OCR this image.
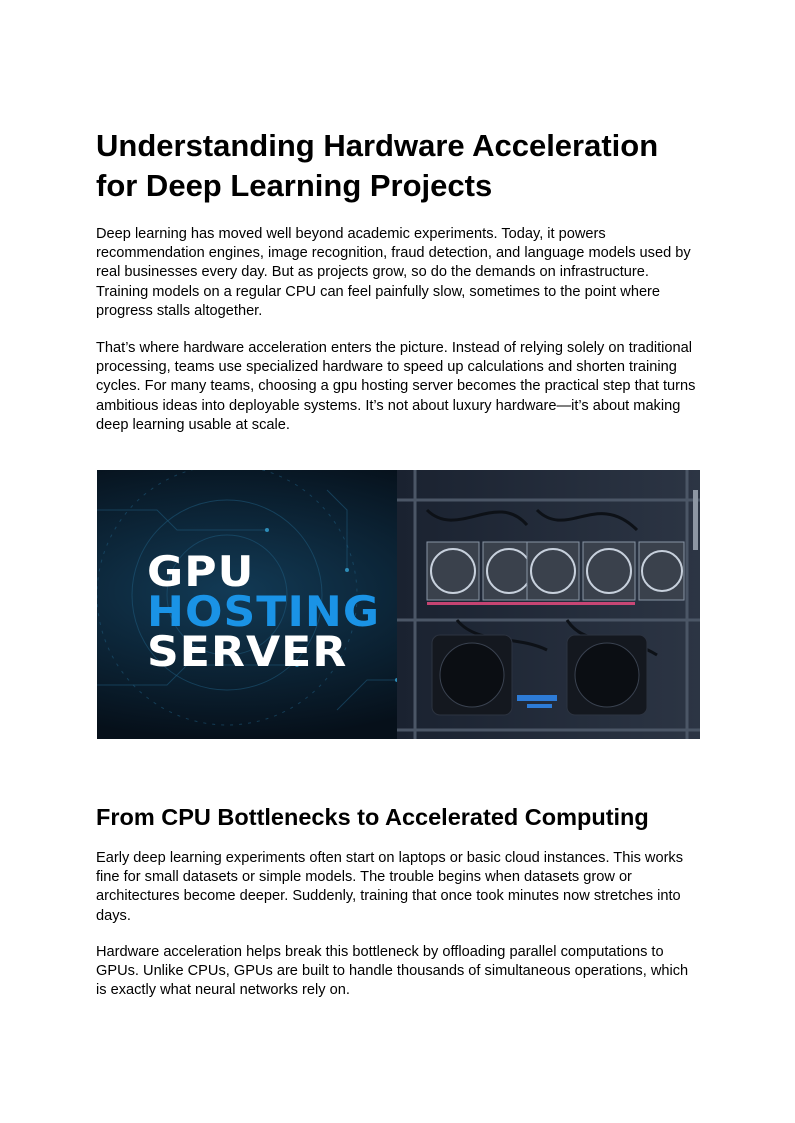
Understanding Hardware Acceleration
for Deep Learning Projects

Deep learning has moved well beyond academic experiments. Today, it powers recommendation engines, image recognition, fraud detection, and language models used by real businesses every day. But as projects grow, so do the demands on infrastructure. Training models on a regular CPU can feel painfully slow, sometimes to the point where progress stalls altogether.

That’s where hardware acceleration enters the picture. Instead of relying solely on traditional processing, teams use specialized hardware to speed up calculations and shorten training cycles. For many teams, choosing a gpu hosting server becomes the practical step that turns ambitious ideas into deployable systems. It’s not about luxury hardware—it’s about making deep learning usable at scale.

GPU
HOSTING
SERVER
From CPU Bottlenecks to Accelerated Computing

Early deep learning experiments often start on laptops or basic cloud instances. This works fine for small datasets or simple models. The trouble begins when datasets grow or architectures become deeper. Suddenly, training that once took minutes now stretches into days.

Hardware acceleration helps break this bottleneck by offloading parallel computations to GPUs. Unlike CPUs, GPUs are built to handle thousands of simultaneous operations, which is exactly what neural networks rely on.
